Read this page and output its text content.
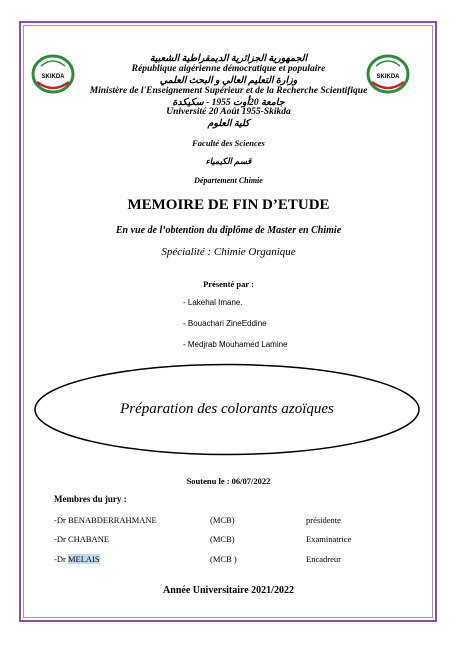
SKIKDA	SKIKDA
الجمهورية الجزائرية الديمقراطية الشعبية
République algérienne démocratique et populaire
وزارة التعليم العالي و البحث العلمي
Ministère de l'Enseignement Supérieur et de la Recherche Scientifique
جامعة 20أوت 1955 - سكيكدة
Université 20 Août 1955-Skikda
كلية العلوم
Faculté des Sciences
قسم الكيمياء
Département Chimie
MEMOIRE DE FIN D’ETUDE
En vue de l’obtention du diplôme de Master en Chimie
Spécialité : Chimie Organique
Présenté par :
- Lakehal Imane.
- Bouachari ZineEddine
- Medjrab Mouhamed Lamine
Préparation des colorants azoïques
Soutenu le : 06/07/2022
Membres du jury :
-Dr BENABDERRAHMANE	(MCB)	présidente
-Dr CHABANE	(MCB)	Examinatrice
-Dr MELAIS	(MCB )	Encadreur
Année Universitaire 2021/2022
